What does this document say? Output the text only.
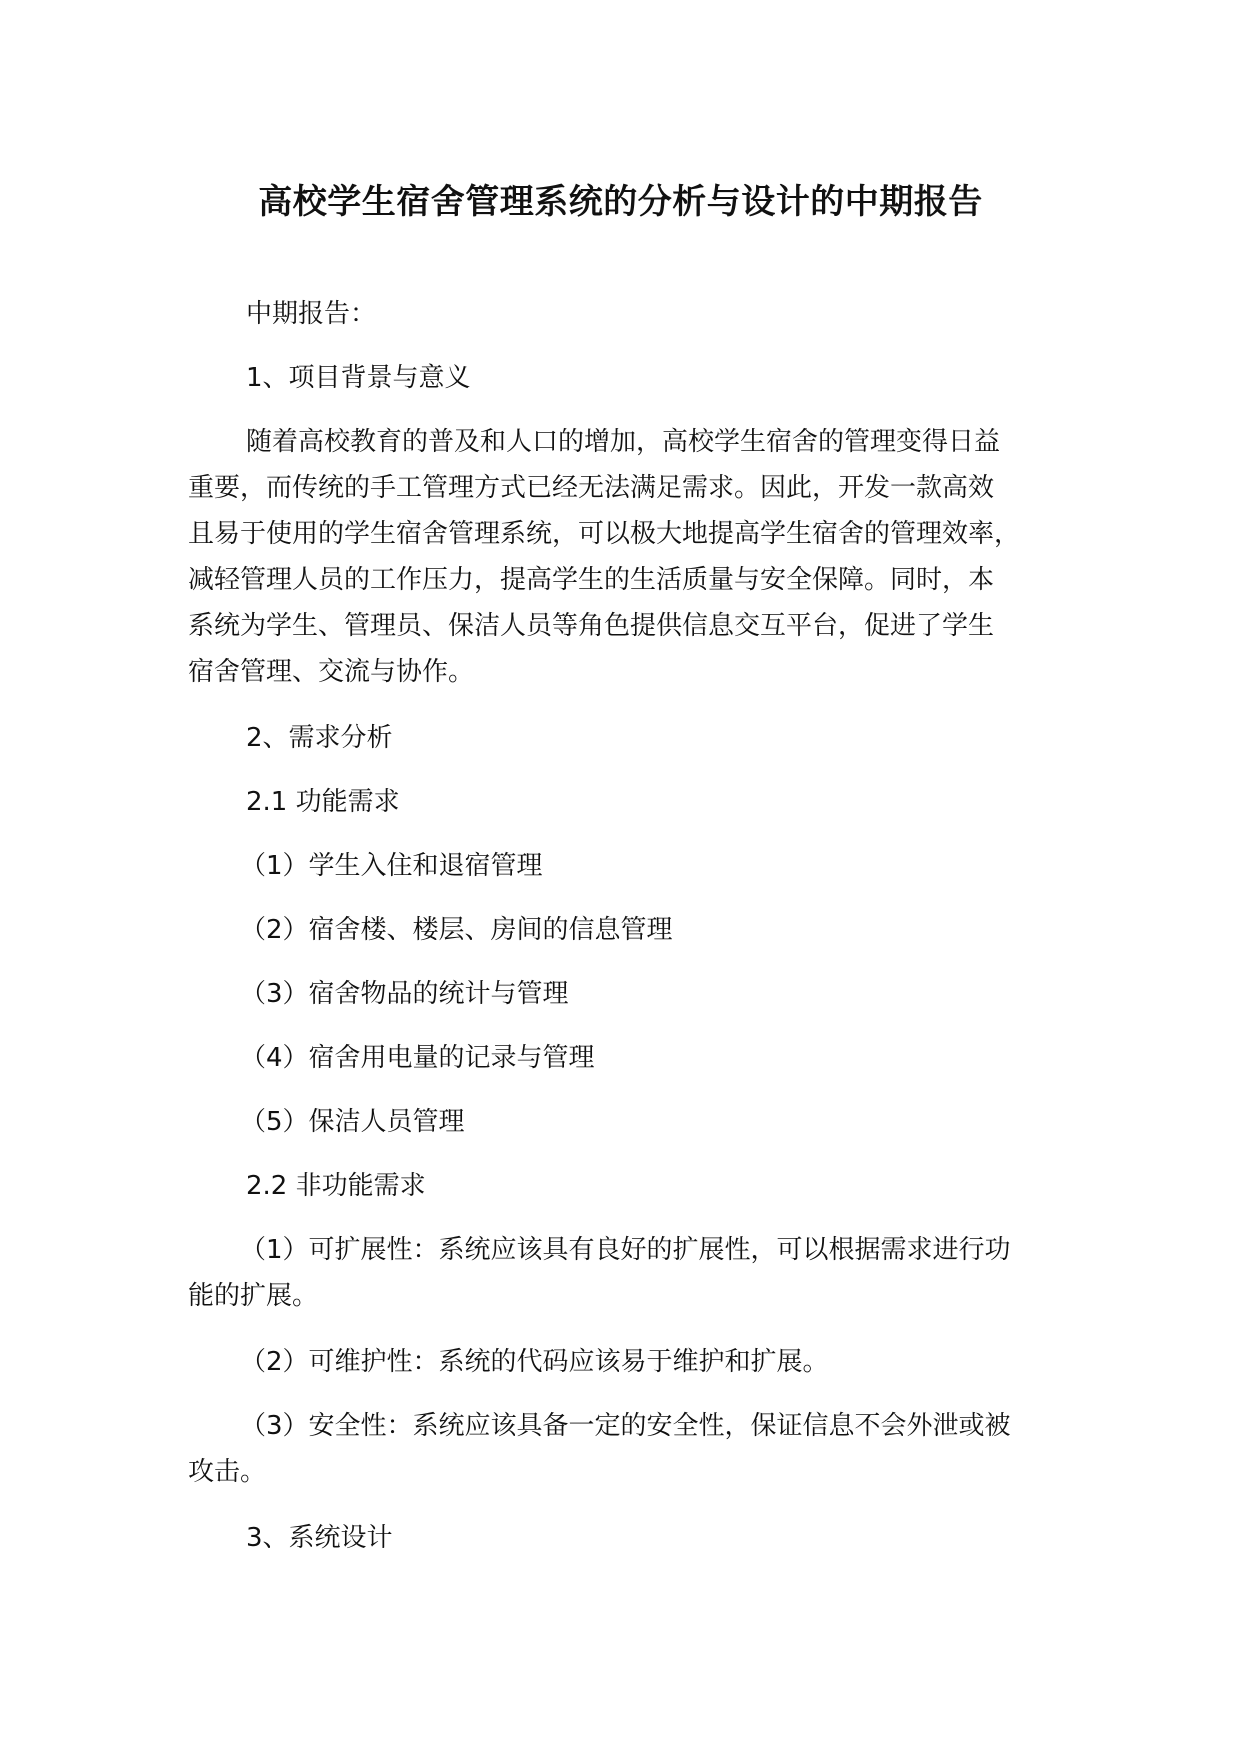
高校学生宿舍管理系统的分析与设计的中期报告
中期报告：
1、项目背景与意义
随着高校教育的普及和人口的增加，高校学生宿舍的管理变得日益
重要，而传统的手工管理方式已经无法满足需求。因此，开发一款高效
且易于使用的学生宿舍管理系统，可以极大地提高学生宿舍的管理效率，
减轻管理人员的工作压力，提高学生的生活质量与安全保障。同时，本
系统为学生、管理员、保洁人员等角色提供信息交互平台，促进了学生
宿舍管理、交流与协作。
2、需求分析
2.1 功能需求
（1）学生入住和退宿管理
（2）宿舍楼、楼层、房间的信息管理
（3）宿舍物品的统计与管理
（4）宿舍用电量的记录与管理
（5）保洁人员管理
2.2 非功能需求
（1）可扩展性：系统应该具有良好的扩展性，可以根据需求进行功
能的扩展。
（2）可维护性：系统的代码应该易于维护和扩展。
（3）安全性：系统应该具备一定的安全性，保证信息不会外泄或被
攻击。
3、系统设计
